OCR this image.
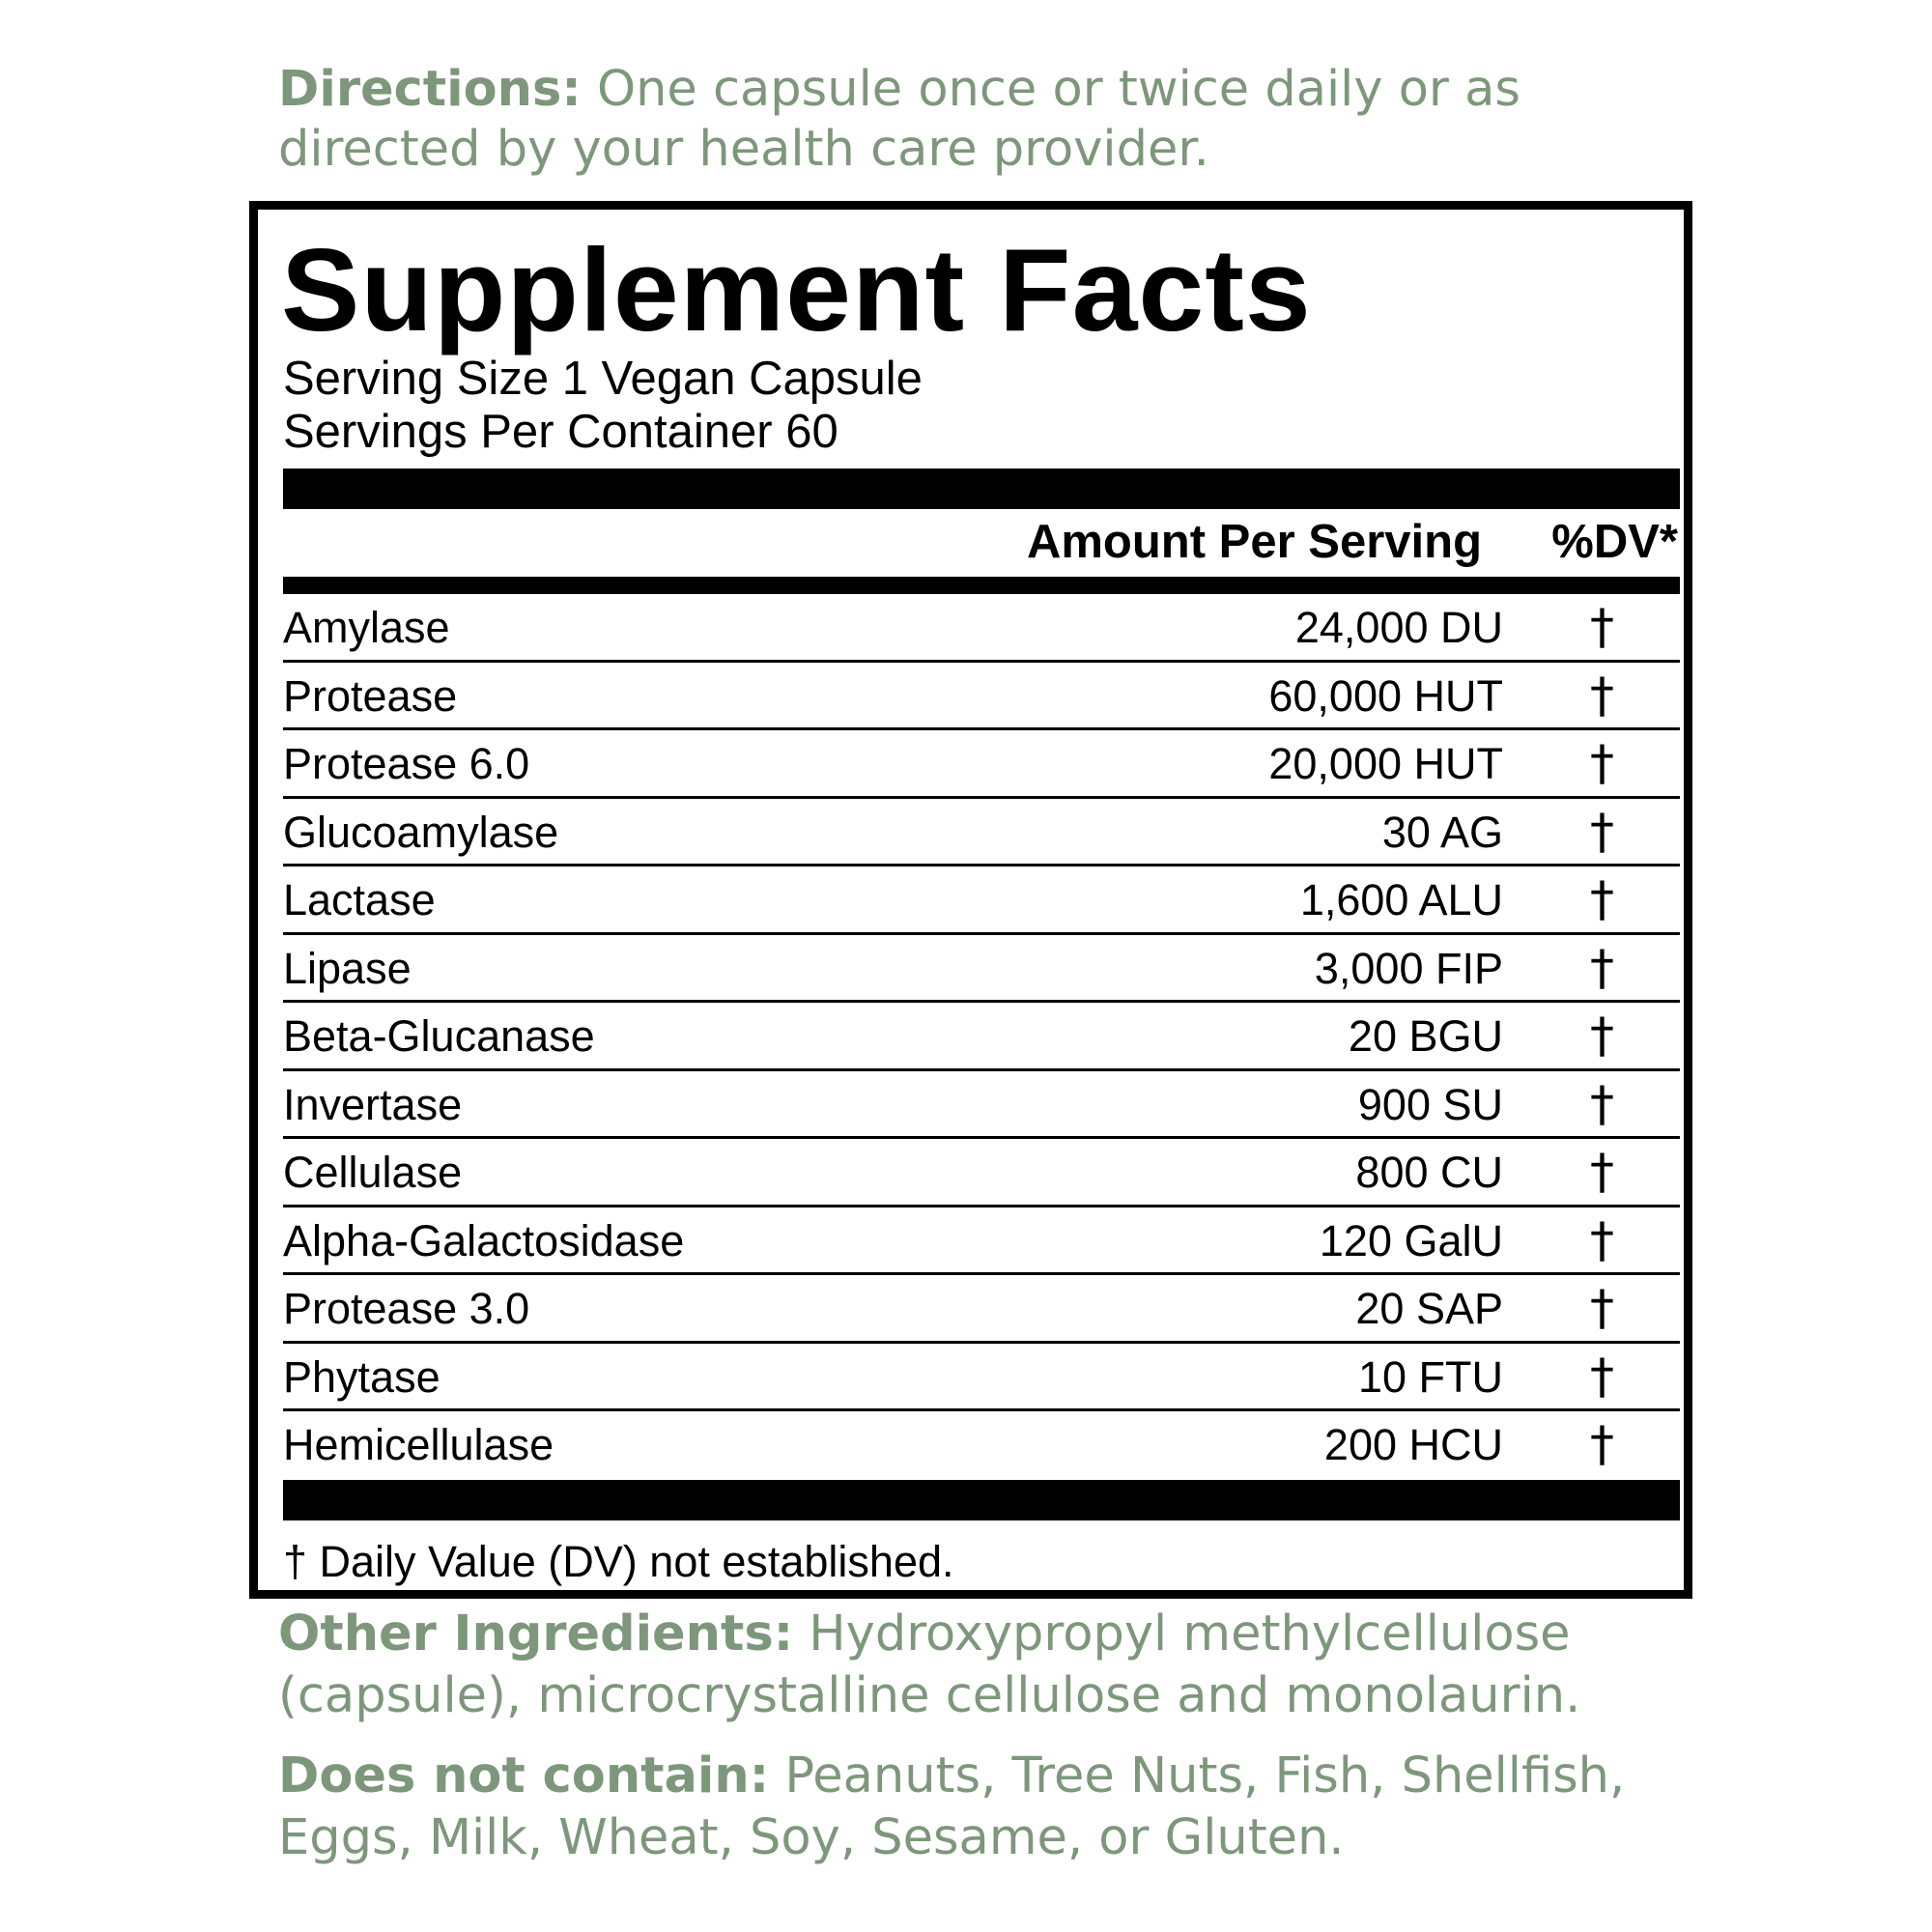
Directions: One capsule once or twice daily or as directed by your health care provider.

Supplement Facts
Serving Size 1 Vegan Capsule
Servings Per Container 60
Amount Per Serving %DV*
Amylase	24,000 DU †
Protease	60,000 HUT †
Protease 6.0	20,000 HUT †
Glucoamylase	30 AG †
Lactase	1,600 ALU †
Lipase	3,000 FIP †
Beta-Glucanase	20 BGU †
Invertase	900 SU †
Cellulase	800 CU †
Alpha-Galactosidase	120 GalU †
Protease 3.0	20 SAP †
Phytase	10 FTU †
Hemicellulase	200 HCU †
† Daily Value (DV) not established.

Other Ingredients: Hydroxypropyl methylcellulose (capsule), microcrystalline cellulose and monolaurin.

Does not contain: Peanuts, Tree Nuts, Fish, Shellfish, Eggs, Milk, Wheat, Soy, Sesame, or Gluten.
